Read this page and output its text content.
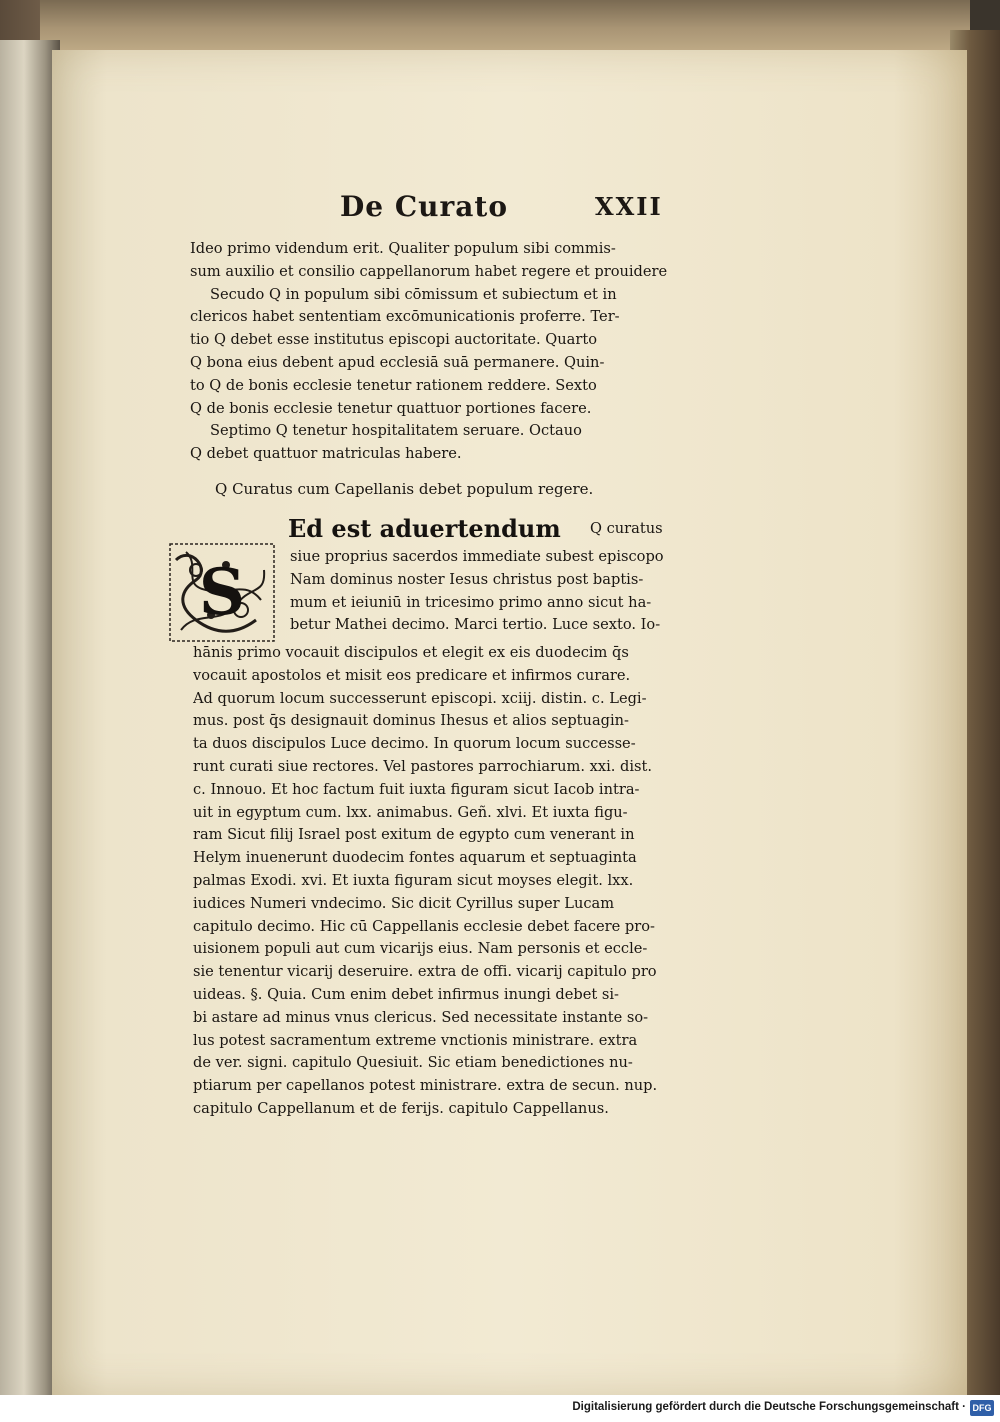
De Curato	XXII
Ideo primo videndum erit. Qualiter populum sibi commis-
sum auxilio et consilio cappellanorum habet regere et prouidere
Secudo Q in populum sibi cōmissum et subiectum et in
clericos habet sententiam excōmunicationis proferre. Ter-
tio Q debet esse institutus episcopi auctoritate. Quarto
Q bona eius debent apud ecclesiā suā permanere. Quin-
to Q de bonis ecclesie tenetur rationem reddere. Sexto
Q de bonis ecclesie tenetur quattuor portiones facere.
Septimo Q tenetur hospitalitatem seruare. Octauo
Q debet quattuor matriculas habere.
Q Curatus cum Capellanis debet populum regere.
Ed est aduertendum Q curatus
S	siue proprius sacerdos immediate subest episcopo
Nam dominus noster Iesus christus post baptis-
mum et ieiuniū in tricesimo primo anno sicut ha-
betur Mathei decimo. Marci tertio. Luce sexto. Io-
hānis primo vocauit discipulos et elegit ex eis duodecim q̄s
vocauit apostolos et misit eos predicare et infirmos curare.
Ad quorum locum successerunt episcopi. xciij. distin. c. Legi-
mus. post q̄s designauit dominus Ihesus et alios septuagin-
ta duos discipulos Luce decimo. In quorum locum successe-
runt curati siue rectores. Vel pastores parrochiarum. xxi. dist.
c. Innouo. Et hoc factum fuit iuxta figuram sicut Iacob intra-
uit in egyptum cum. lxx. animabus. Geñ. xlvi. Et iuxta figu-
ram Sicut filij Israel post exitum de egypto cum venerant in
Helym inuenerunt duodecim fontes aquarum et septuaginta
palmas Exodi. xvi. Et iuxta figuram sicut moyses elegit. lxx.
iudices Numeri vndecimo. Sic dicit Cyrillus super Lucam
capitulo decimo. Hic cū Cappellanis ecclesie debet facere pro-
uisionem populi aut cum vicarijs eius. Nam personis et eccle-
sie tenentur vicarij deseruire. extra de offi. vicarij capitulo pro
uideas. §. Quia. Cum enim debet infirmus inungi debet si-
bi astare ad minus vnus clericus. Sed necessitate instante so-
lus potest sacramentum extreme vnctionis ministrare. extra
de ver. signi. capitulo Quesiuit. Sic etiam benedictiones nu-
ptiarum per capellanos potest ministrare. extra de secun. nup.
capitulo Cappellanum et de ferijs. capitulo Cappellanus.
Digitalisierung gefördert durch die Deutsche Forschungsgemeinschaft · DFG
